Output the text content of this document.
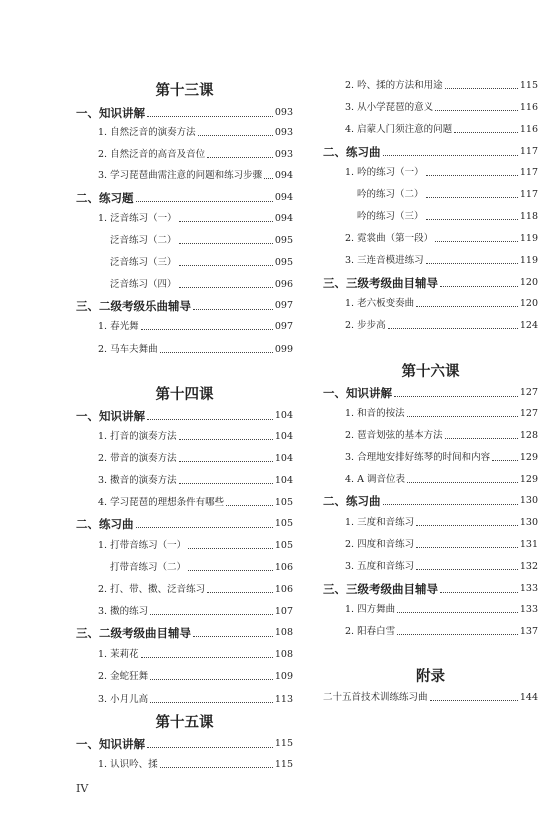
第十三课
一、知识讲解	093
1. 自然泛音的演奏方法	093
2. 自然泛音的高音及音位	093
3. 学习琵琶曲需注意的问题和练习步骤 094
二、练习题	094
1. 泛音练习（一）	094
泛音练习（二）	095
泛音练习（三）	095
泛音练习（四）	096
三、二级考级乐曲辅导	097
1. 春光舞	097
2. 马车夫舞曲	099
第十四课
一、知识讲解	104
1. 打音的演奏方法	104
2. 带音的演奏方法	104
3. 擞音的演奏方法	104
4. 学习琵琶的理想条件有哪些	105
二、练习曲	105
1. 打带音练习（一）	105
打带音练习（二）	106
2. 打、带、擞、泛音练习	106
3. 擞的练习	107
三、二级考级曲目辅导	108
1. 茉莉花	108
2. 金蛇狂舞	109
3. 小月儿高	113
第十五课
一、知识讲解	115
1. 认识吟、揉	115
2. 吟、揉的方法和用途	115
3. 从小学琵琶的意义	116
4. 启蒙人门须注意的问题	116
二、练习曲	117
1. 吟的练习（一）	117
吟的练习（二）	117
吟的练习（三）	118
2. 霓裳曲（第一段）	119
3. 三连音模进练习	119
三、三级考级曲目辅导	120
1. 老六板变奏曲	120
2. 步步高	124
第十六课
一、知识讲解	127
1. 和音的按法	127
2. 琶音划弦的基本方法	128
3. 合理地安排好练琴的时间和内容	129
4. A 调音位表	129
二、练习曲	130
1. 三度和音练习	130
2. 四度和音练习	131
3. 五度和音练习	132
三、三级考级曲目辅导	133
1. 四方舞曲	133
2. 阳春白雪	137
附录
二十五首技术训练练习曲	144
IV
